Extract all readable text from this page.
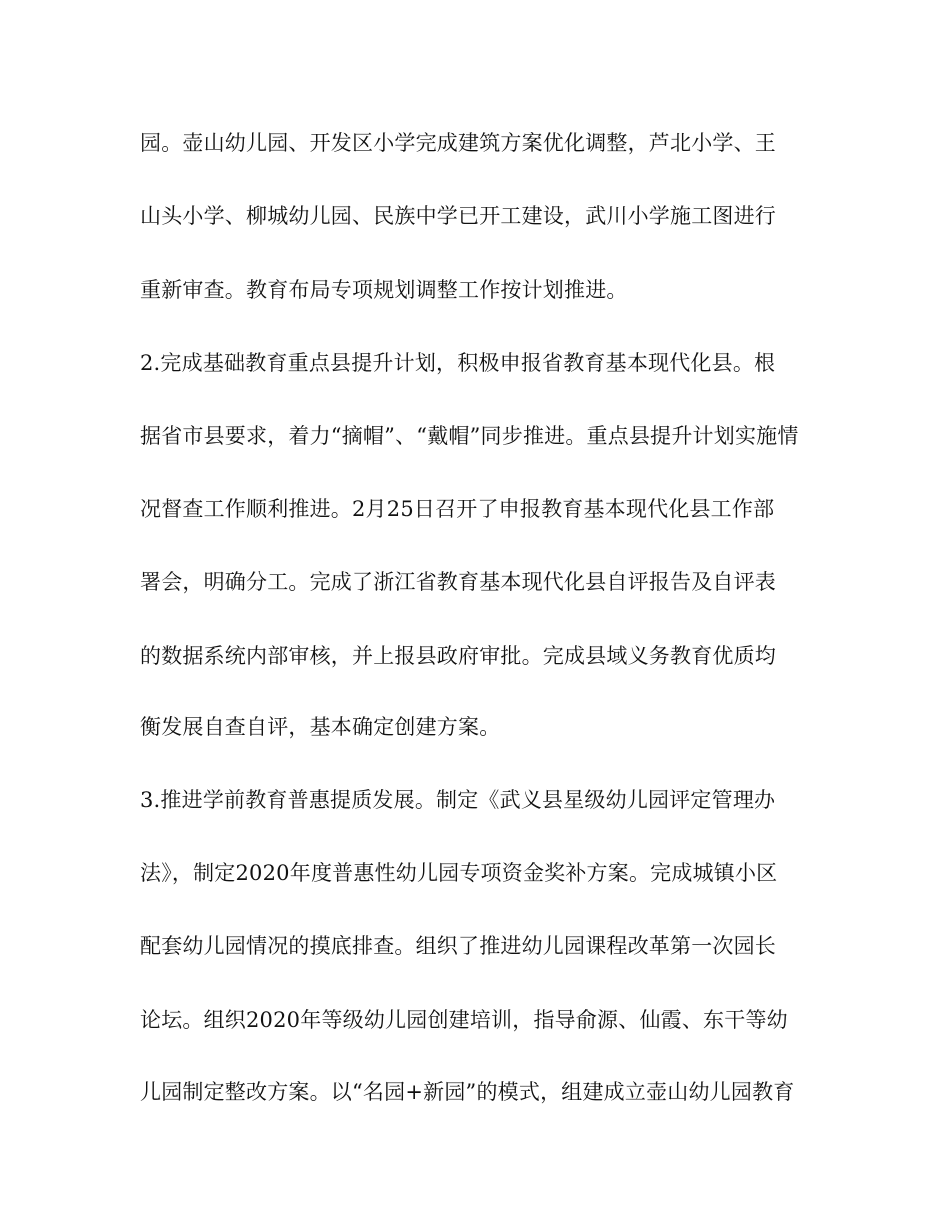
园。壶山幼儿园、开发区小学完成建筑方案优化调整，芦北小学、王
山头小学、柳城幼儿园、民族中学已开工建设，武川小学施工图进行
重新审查。教育布局专项规划调整工作按计划推进。
2.完成基础教育重点县提升计划，积极申报省教育基本现代化县。根
据省市县要求，着力“摘帽”、“戴帽”同步推进。重点县提升计划实施情
况督查工作顺利推进。2月25日召开了申报教育基本现代化县工作部
署会，明确分工。完成了浙江省教育基本现代化县自评报告及自评表
的数据系统内部审核，并上报县政府审批。完成县域义务教育优质均
衡发展自查自评，基本确定创建方案。
3.推进学前教育普惠提质发展。制定《武义县星级幼儿园评定管理办
法》，制定2020年度普惠性幼儿园专项资金奖补方案。完成城镇小区
配套幼儿园情况的摸底排查。组织了推进幼儿园课程改革第一次园长
论坛。组织2020年等级幼儿园创建培训，指导俞源、仙霞、东干等幼
儿园制定整改方案。以“名园+新园”的模式，组建成立壶山幼儿园教育
